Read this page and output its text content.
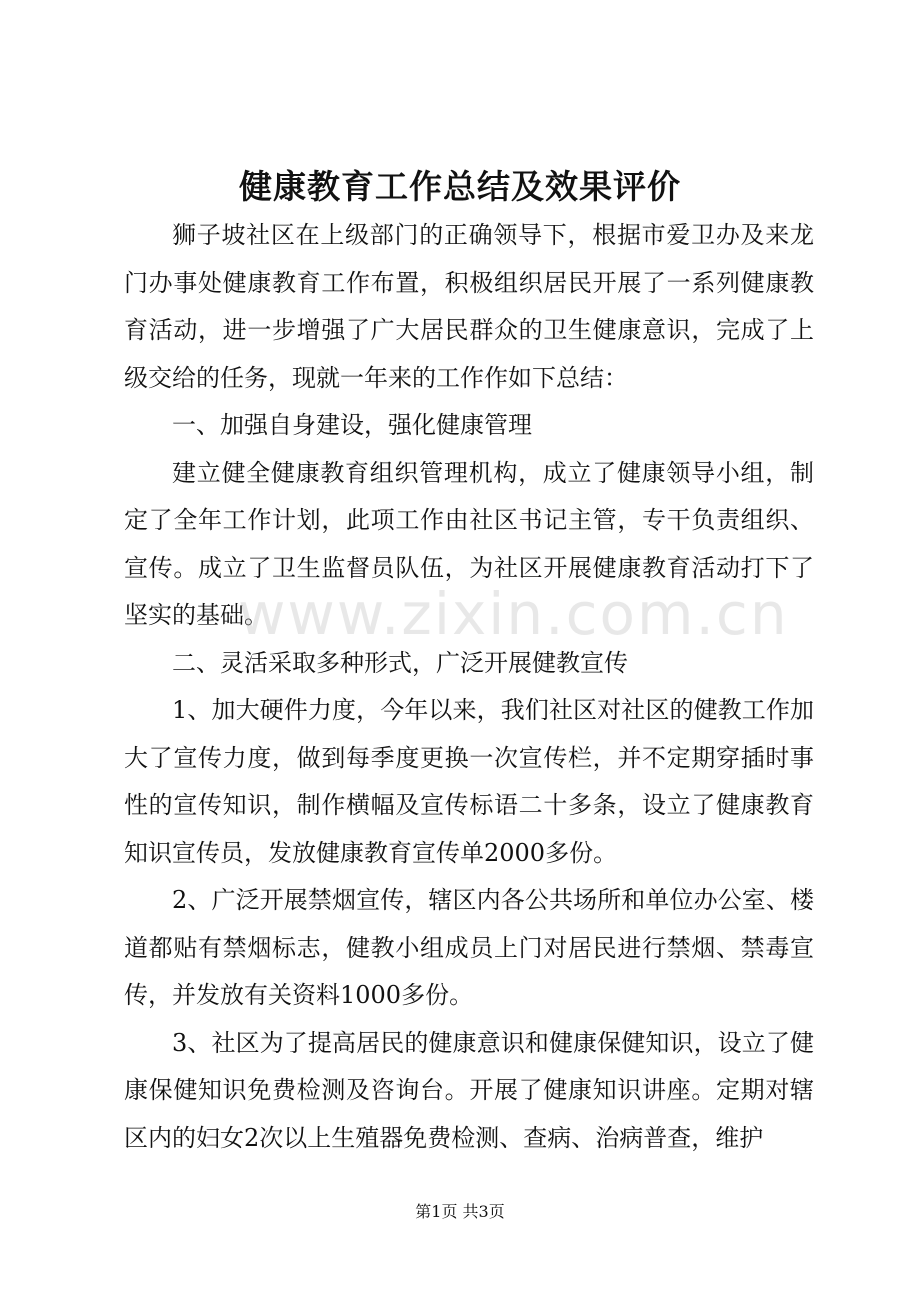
健康教育工作总结及效果评价

狮子坡社区在上级部门的正确领导下，根据市爱卫办及来龙门办事处健康教育工作布置，积极组织居民开展了一系列健康教育活动，进一步增强了广大居民群众的卫生健康意识，完成了上级交给的任务，现就一年来的工作作如下总结：

一、加强自身建设，强化健康管理

建立健全健康教育组织管理机构，成立了健康领导小组，制定了全年工作计划，此项工作由社区书记主管，专干负责组织、宣传。成立了卫生监督员队伍，为社区开展健康教育活动打下了坚实的基础。

二、灵活采取多种形式，广泛开展健教宣传

1、加大硬件力度，今年以来，我们社区对社区的健教工作加大了宣传力度，做到每季度更换一次宣传栏，并不定期穿插时事性的宣传知识，制作横幅及宣传标语二十多条，设立了健康教育知识宣传员，发放健康教育宣传单2000多份。

2、广泛开展禁烟宣传，辖区内各公共场所和单位办公室、楼道都贴有禁烟标志，健教小组成员上门对居民进行禁烟、禁毒宣传，并发放有关资料1000多份。

3、社区为了提高居民的健康意识和健康保健知识，设立了健康保健知识免费检测及咨询台。开展了健康知识讲座。定期对辖区内的妇女2次以上生殖器免费检测、查病、治病普查，维护

www.zixin.com.cn
第1页 共3页
